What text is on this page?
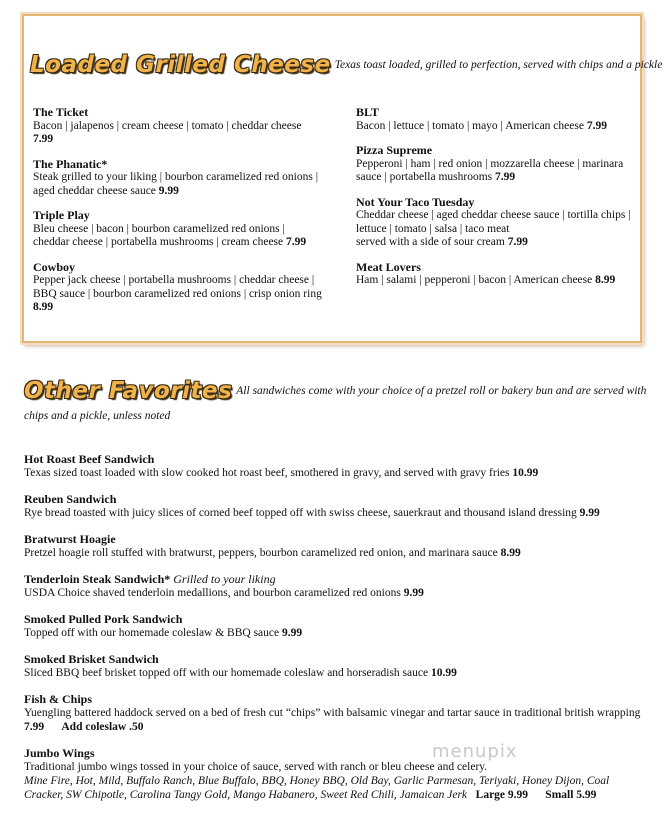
Loaded Grilled Cheese $^{Texas toast loaded, grilled to perfection, served with chips and a pickle}$
The Ticket
Bacon | jalapenos | cream cheese | tomato | cheddar cheese
7.99
The Phanatic*
Steak grilled to your liking | bourbon caramelized red onions | aged cheddar cheese sauce 9.99
Triple Play
Bleu cheese | bacon | bourbon caramelized red onions | cheddar cheese | portabella mushrooms | cream cheese 7.99
Cowboy
Pepper jack cheese | portabella mushrooms | cheddar cheese | BBQ sauce | bourbon caramelized red onions | crisp onion ring 8.99
BLT
Bacon | lettuce | tomato | mayo | American cheese 7.99
Pizza Supreme
Pepperoni | ham | red onion | mozzarella cheese | marinara sauce | portabella mushrooms 7.99
Not Your Taco Tuesday
Cheddar cheese | aged cheddar cheese sauce | tortilla chips | lettuce | tomato | salsa | taco meat
served with a side of sour cream 7.99
Meat Lovers
Ham | salami | pepperoni | bacon | American cheese 8.99
Other Favorites $^{All sandwiches come with your choice of a pretzel roll or bakery bun and are served with chips and a pickle, unless noted}$
Hot Roast Beef Sandwich
Texas sized toast loaded with slow cooked hot roast beef, smothered in gravy, and served with gravy fries 10.99
Reuben Sandwich
Rye bread toasted with juicy slices of corned beef topped off with swiss cheese, sauerkraut and thousand island dressing 9.99
Bratwurst Hoagie
Pretzel hoagie roll stuffed with bratwurst, peppers, bourbon caramelized red onion, and marinara sauce 8.99
Tenderloin Steak Sandwich* Grilled to your liking
USDA Choice shaved tenderloin medallions, and bourbon caramelized red onions 9.99
Smoked Pulled Pork Sandwich
Topped off with our homemade coleslaw & BBQ sauce 9.99
Smoked Brisket Sandwich
Sliced BBQ beef brisket topped off with our homemade coleslaw and horseradish sauce 10.99
Fish & Chips
Yuengling battered haddock served on a bed of fresh cut “chips” with balsamic vinegar and tartar sauce in traditional british wrapping
7.99 Add coleslaw .50
Jumbo Wings
Traditional jumbo wings tossed in your choice of sauce, served with ranch or bleu cheese and celery.
Mine Fire, Hot, Mild, Buffalo Ranch, Blue Buffalo, BBQ, Honey BBQ, Old Bay, Garlic Parmesan, Teriyaki, Honey Dijon, Coal Cracker, SW Chipotle, Carolina Tangy Gold, Mango Habanero, Sweet Red Chili, Jamaican Jerk Large 9.99 Small 5.99
menupix
